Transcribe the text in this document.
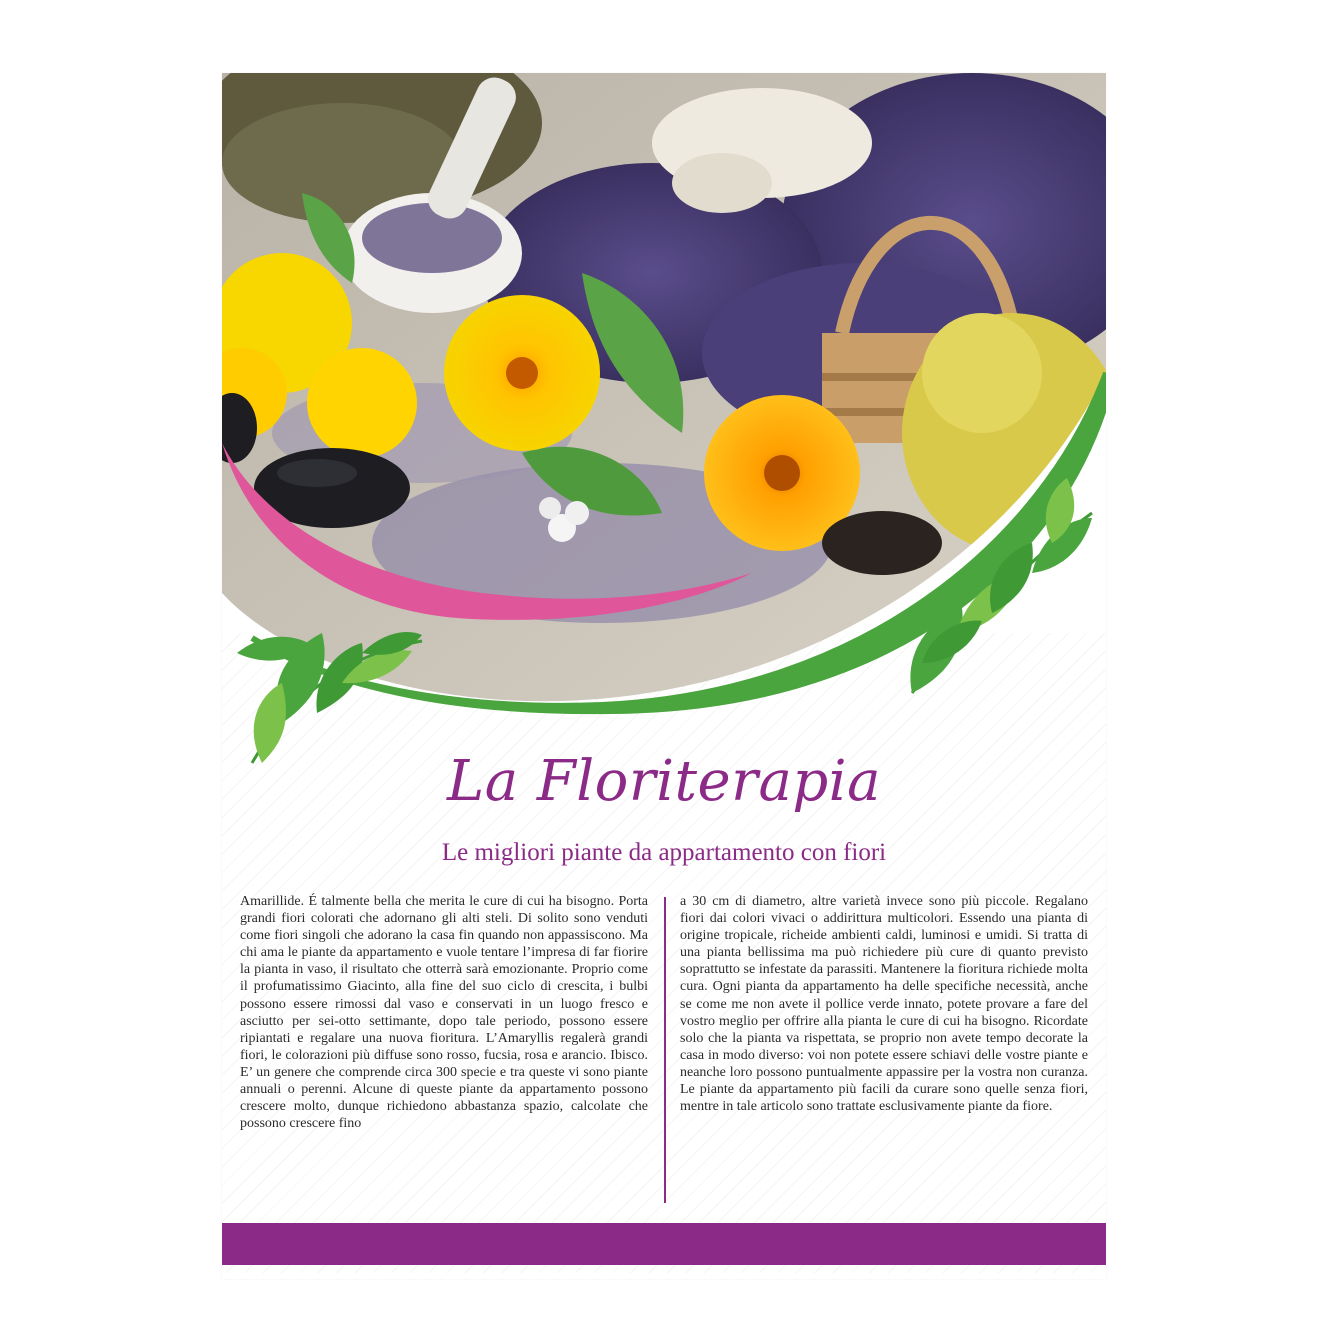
La Floriterapia
Le migliori piante da appartamento con fiori

Amarillide. É talmente bella che merita le cure di cui ha bisogno. Porta grandi fiori colorati che adornano gli alti steli. Di solito sono venduti come fiori singoli che adorano la casa fin quando non appassiscono. Ma chi ama le piante da appartamento e vuole tentare l’impresa di far fiorire la pianta in vaso, il risultato che otterrà sarà emozionante. Proprio come il profumatissimo Giacinto, alla fine del suo ciclo di crescita, i bulbi possono essere rimossi dal vaso e conservati in un luogo fresco e asciutto per sei-otto settimante, dopo tale periodo, possono essere ripiantati e regalare una nuova fioritura. L’Amaryllis regalerà grandi fiori, le colorazioni più diffuse sono rosso, fucsia, rosa e arancio. Ibisco. E’ un genere che comprende circa 300 specie e tra queste vi sono piante annuali o perenni. Alcune di queste piante da appartamento possono crescere molto, dunque richiedono abbastanza spazio, calcolate che possono crescere fino

a 30 cm di diametro, altre varietà invece sono più piccole. Regalano fiori dai colori vivaci o addirittura multicolori. Essendo una pianta di origine tropicale, richeide ambienti caldi, luminosi e umidi. Si tratta di una pianta bellissima ma può richiedere più cure di quanto previsto soprattutto se infestate da parassiti. Mantenere la fioritura richiede molta cura. Ogni pianta da appartamento ha delle specifiche necessità, anche se come me non avete il pollice verde innato, potete provare a fare del vostro meglio per offrire alla pianta le cure di cui ha bisogno. Ricordate solo che la pianta va rispettata, se proprio non avete tempo decorate la casa in modo diverso: voi non potete essere schiavi delle vostre piante e neanche loro possono puntualmente appassire per la vostra non curanza. Le piante da appartamento più facili da curare sono quelle senza fiori, mentre in tale articolo sono trattate esclusivamente piante da fiore.
